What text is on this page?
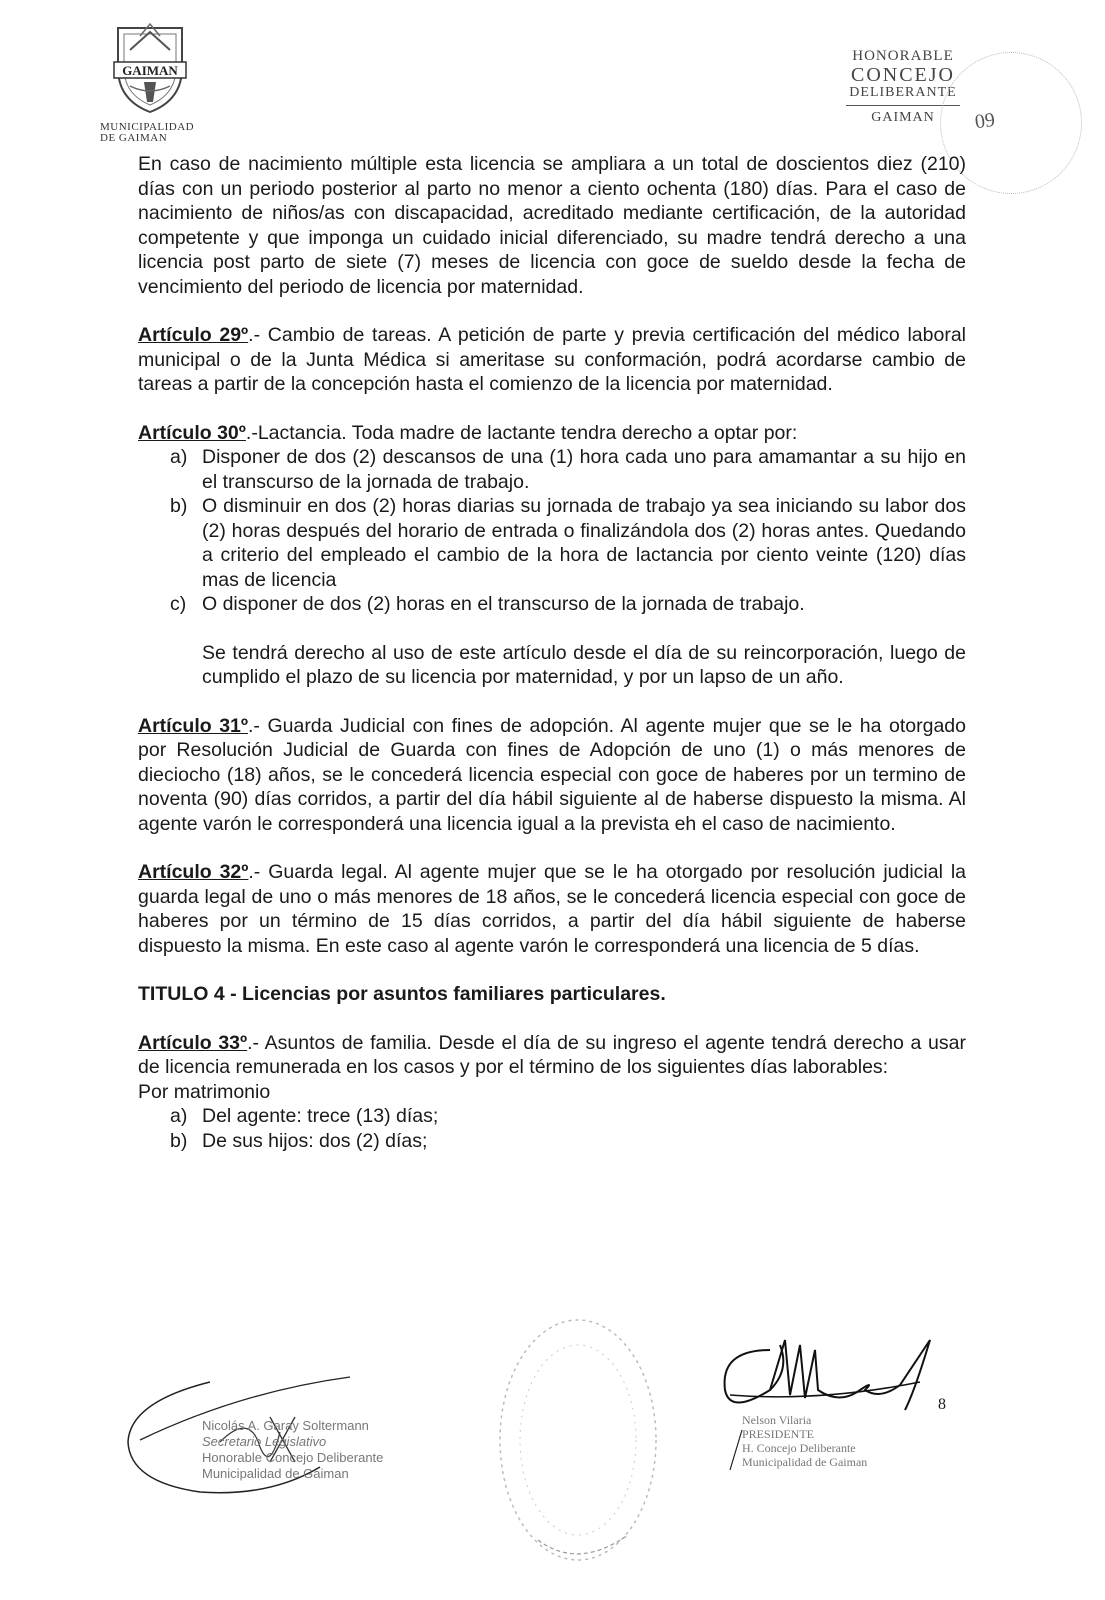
GAIMAN
MUNICIPALIDAD
DE GAIMAN
HONORABLE
CONCEJO
DELIBERANTE
GAIMAN	09

En caso de nacimiento múltiple esta licencia se ampliara a un total de doscientos diez (210) días con un periodo posterior al parto no menor a ciento ochenta (180) días. Para el caso de nacimiento de niños/as con discapacidad, acreditado mediante certificación, de la autoridad competente y que imponga un cuidado inicial diferenciado, su madre tendrá derecho a una licencia post parto de siete (7) meses de licencia con goce de sueldo desde la fecha de vencimiento del periodo de licencia por maternidad.

Artículo 29º.- Cambio de tareas. A petición de parte y previa certificación del médico laboral municipal o de la Junta Médica si ameritase su conformación, podrá acordarse cambio de tareas a partir de la concepción hasta el comienzo de la licencia por maternidad.

Artículo 30º.-Lactancia. Toda madre de lactante tendra derecho a optar por:

a) Disponer de dos (2) descansos de una (1) hora cada uno para amamantar a su hijo en el transcurso de la jornada de trabajo.
b) O disminuir en dos (2) horas diarias su jornada de trabajo ya sea iniciando su labor dos (2) horas después del horario de entrada o finalizándola dos (2) horas antes. Quedando a criterio del empleado el cambio de la hora de lactancia por ciento veinte (120) días mas de licencia
c) O disponer de dos (2) horas en el transcurso de la jornada de trabajo.

Se tendrá derecho al uso de este artículo desde el día de su reincorporación, luego de cumplido el plazo de su licencia por maternidad, y por un lapso de un año.

Artículo 31º.- Guarda Judicial con fines de adopción. Al agente mujer que se le ha otorgado por Resolución Judicial de Guarda con fines de Adopción de uno (1) o más menores de dieciocho (18) años, se le concederá licencia especial con goce de haberes por un termino de noventa (90) días corridos, a partir del día hábil siguiente al de haberse dispuesto la misma. Al agente varón le corresponderá una licencia igual a la prevista eh el caso de nacimiento.

Artículo 32º.- Guarda legal. Al agente mujer que se le ha otorgado por resolución judicial la guarda legal de uno o más menores de 18 años, se le concederá licencia especial con goce de haberes por un término de 15 días corridos, a partir del día hábil siguiente de haberse dispuesto la misma. En este caso al agente varón le corresponderá una licencia de 5 días.

TITULO 4 - Licencias por asuntos familiares particulares.

Artículo 33º.- Asuntos de familia. Desde el día de su ingreso el agente tendrá derecho a usar de licencia remunerada en los casos y por el término de los siguientes días laborables:

Por matrimonio

a) Del agente: trece (13) días;
b) De sus hijos: dos (2) días;
Nicolás A. Garay Soltermann
Secretario Legislativo
Honorable Concejo Deliberante
Municipalidad de Gaiman
Nelson Vilaria
PRESIDENTE
H. Concejo Deliberante
Municipalidad de Gaiman
8
